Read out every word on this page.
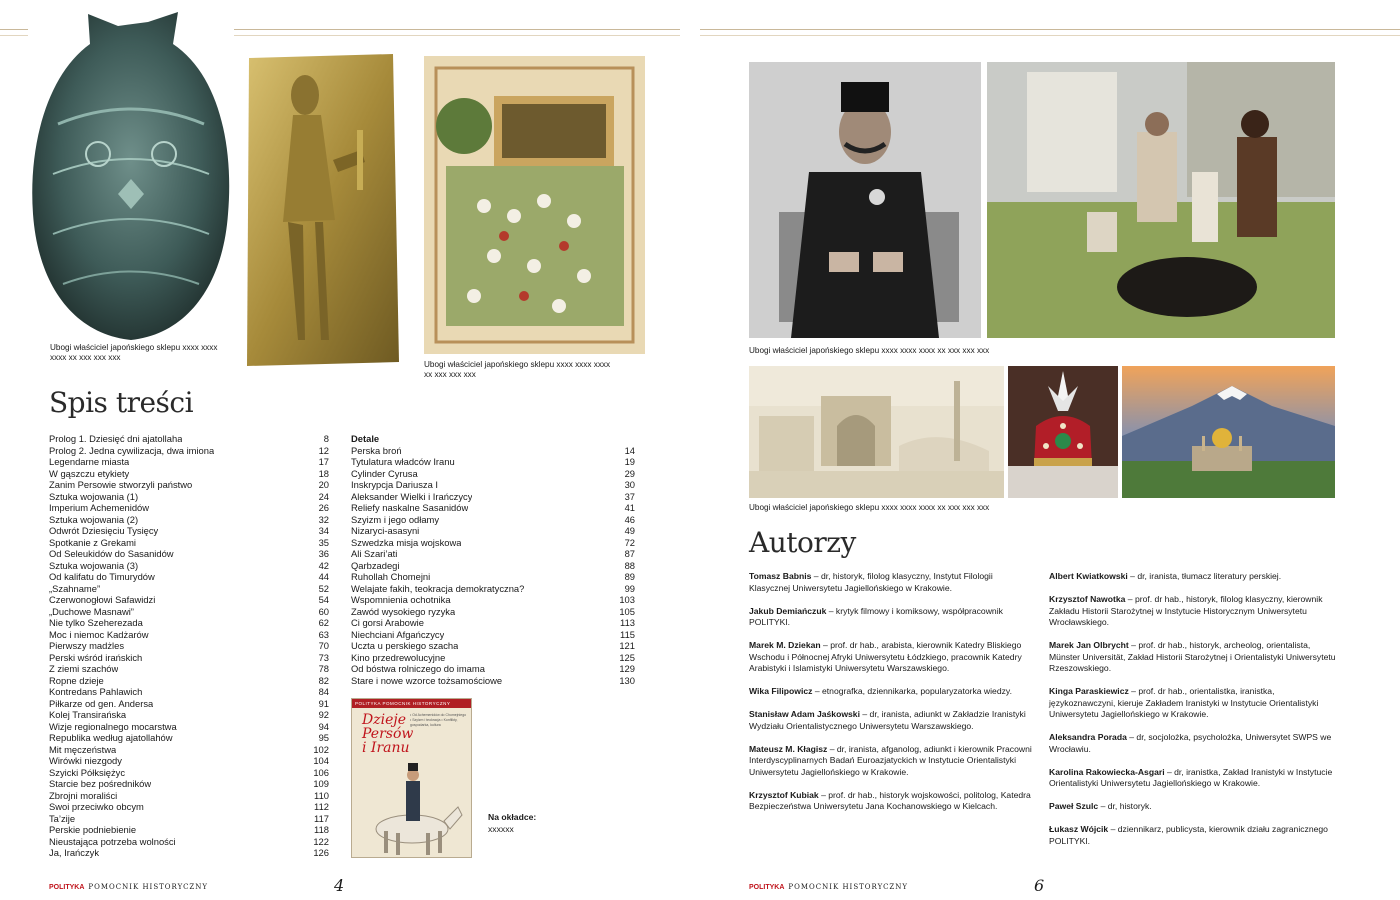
Ubogi właściciel japońskiego sklepu xxxx xxxx xxxx xx xxx xxx xxx
Ubogi właściciel japońskiego sklepu xxxx xxxx xxxx xx xxx xxx xxx
Spis treści
Prolog 1. Dziesięć dni ajatollaha	8
Prolog 2. Jedna cywilizacja, dwa imiona	12
Legendarne miasta	17
W gąszczu etykiety	18
Zanim Persowie stworzyli państwo	20
Sztuka wojowania (1)	24
Imperium Achemenidów	26
Sztuka wojowania (2)	32
Odwrót Dziesięciu Tysięcy	34
Spotkanie z Grekami	35
Od Seleukidów do Sasanidów	36
Sztuka wojowania (3)	42
Od kalifatu do Timurydów	44
„Szahname”	52
Czerwonogłowi Safawidzi	54
„Duchowe Masnawi”	60
Nie tylko Szeherezada	62
Moc i niemoc Kadżarów	63
Pierwszy madżles	70
Perski wśród irańskich	73
Z ziemi szachów	78
Ropne dzieje	82
Kontredans Pahlawich	84
Piłkarze od gen. Andersa	91
Kolej Transirańska	92
Wizje regionalnego mocarstwa	94
Republika według ajatollahów	95
Mit męczeństwa	102
Wirówki niezgody	104
Szyicki Półksiężyc	106
Starcie bez pośredników	109
Zbrojni moraliści	110
Swoi przeciwko obcym	112
Ta’zije	117
Perskie podniebienie	118
Nieustająca potrzeba wolności	122
Ja, Irańczyk	126
Detale
Perska broń	14
Tytulatura władców Iranu	19
Cylinder Cyrusa	29
Inskrypcja Dariusza I	30
Aleksander Wielki i Irańczycy	37
Reliefy naskalne Sasanidów	41
Szyizm i jego odłamy	46
Nizaryci-asasyni	49
Szwedzka misja wojskowa	72
Ali Szari’ati	87
Qarbzadegi	88
Ruhollah Chomejni	89
Welajate fakih, teokracja demokratyczna?	99
Wspomnienia ochotnika	103
Zawód wysokiego ryzyka	105
Ci gorsi Arabowie	113
Niechciani Afgańczycy	115
Uczta u perskiego szacha	121
Kino przedrewolucyjne	125
Od bóstwa rolniczego do imama	129
Stare i nowe wzorce tożsamościowe	130
POLITYKA POMOCNIK HISTORYCZNY
Dzieje
Persów
i Iranu
• Od Achemenidów do Chomejniego • Szyizm i teokracja • Konflikty, gospodarka, kultura
Na okładce:
xxxxxx
Ubogi właściciel japońskiego sklepu xxxx xxxx xxxx xx xxx xxx xxx
Ubogi właściciel japońskiego sklepu xxxx xxxx xxxx xx xxx xxx xxx
Autorzy
Tomasz Babnis – dr, historyk, filolog klasyczny, Instytut Filologii Klasycznej Uniwersytetu Jagiellońskiego w Krakowie.
Jakub Demiańczuk – krytyk filmowy i komiksowy, współpracownik POLITYKI.
Marek M. Dziekan – prof. dr hab., arabista, kierownik Katedry Bliskiego Wschodu i Północnej Afryki Uniwersytetu Łódzkiego, pracownik Katedry Arabistyki i Islamistyki Uniwersytetu Warszawskiego.
Wika Filipowicz – etnografka, dziennikarka, popularyzatorka wiedzy.
Stanisław Adam Jaśkowski – dr, iranista, adiunkt w Zakładzie Iranistyki Wydziału Orientalistycznego Uniwersytetu Warszawskiego.
Mateusz M. Kłagisz – dr, iranista, afganolog, adiunkt i kierownik Pracowni Interdyscyplinarnych Badań Euroazjatyckich w Instytucie Orientalistyki Uniwersytetu Jagiellońskiego w Krakowie.
Krzysztof Kubiak – prof. dr hab., historyk wojskowości, politolog, Katedra Bezpieczeństwa Uniwersytetu Jana Kochanowskiego w Kielcach.
Albert Kwiatkowski – dr, iranista, tłumacz literatury perskiej.
Krzysztof Nawotka – prof. dr hab., historyk, filolog klasyczny, kierownik Zakładu Historii Starożytnej w Instytucie Historycznym Uniwersytetu Wrocławskiego.
Marek Jan Olbrycht – prof. dr hab., historyk, archeolog, orientalista, Münster Universität, Zakład Historii Starożytnej i Orientalistyki Uniwersytetu Rzeszowskiego.
Kinga Paraskiewicz – prof. dr hab., orientalistka, iranistka, językoznawczyni, kieruje Zakładem Iranistyki w Instytucie Orientalistyki Uniwersytetu Jagiellońskiego w Krakowie.
Aleksandra Porada – dr, socjolożka, psycholożka, Uniwersytet SWPS we Wrocławiu.
Karolina Rakowiecka-Asgari – dr, iranistka, Zakład Iranistyki w Instytucie Orientalistyki Uniwersytetu Jagiellońskiego w Krakowie.
Paweł Szulc – dr, historyk.
Łukasz Wójcik – dziennikarz, publicysta, kierownik działu zagranicznego POLITYKI.
POLITYKA POMOCNIK HISTORYCZNY	4	POLITYKA POMOCNIK HISTORYCZNY	6
